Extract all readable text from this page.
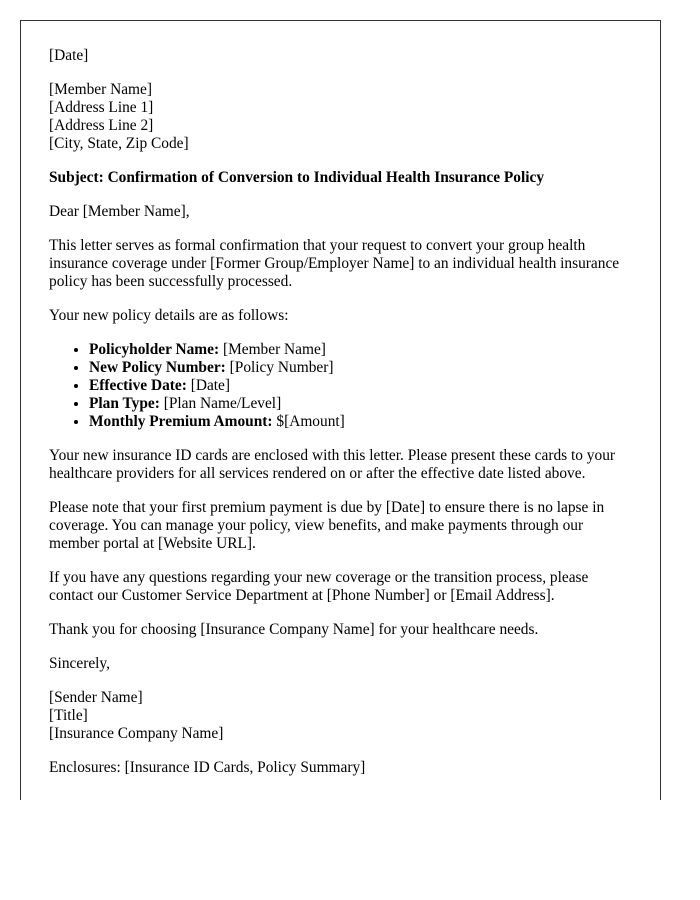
[Date]
[Member Name]
[Address Line 1]
[Address Line 2]
[City, State, Zip Code]
Subject: Confirmation of Conversion to Individual Health Insurance Policy
Dear [Member Name],

This letter serves as formal confirmation that your request to convert your group health insurance coverage under [Former Group/Employer Name] to an individual health insurance policy has been successfully processed.

Your new policy details are as follows:

• Policyholder Name: [Member Name]
• New Policy Number: [Policy Number]
• Effective Date: [Date]
• Plan Type: [Plan Name/Level]
• Monthly Premium Amount: $[Amount]

Your new insurance ID cards are enclosed with this letter. Please present these cards to your healthcare providers for all services rendered on or after the effective date listed above.

Please note that your first premium payment is due by [Date] to ensure there is no lapse in coverage. You can manage your policy, view benefits, and make payments through our member portal at [Website URL].

If you have any questions regarding your new coverage or the transition process, please contact our Customer Service Department at [Phone Number] or [Email Address].

Thank you for choosing [Insurance Company Name] for your healthcare needs.

Sincerely,
[Sender Name]
[Title]
[Insurance Company Name]
Enclosures: [Insurance ID Cards, Policy Summary]
